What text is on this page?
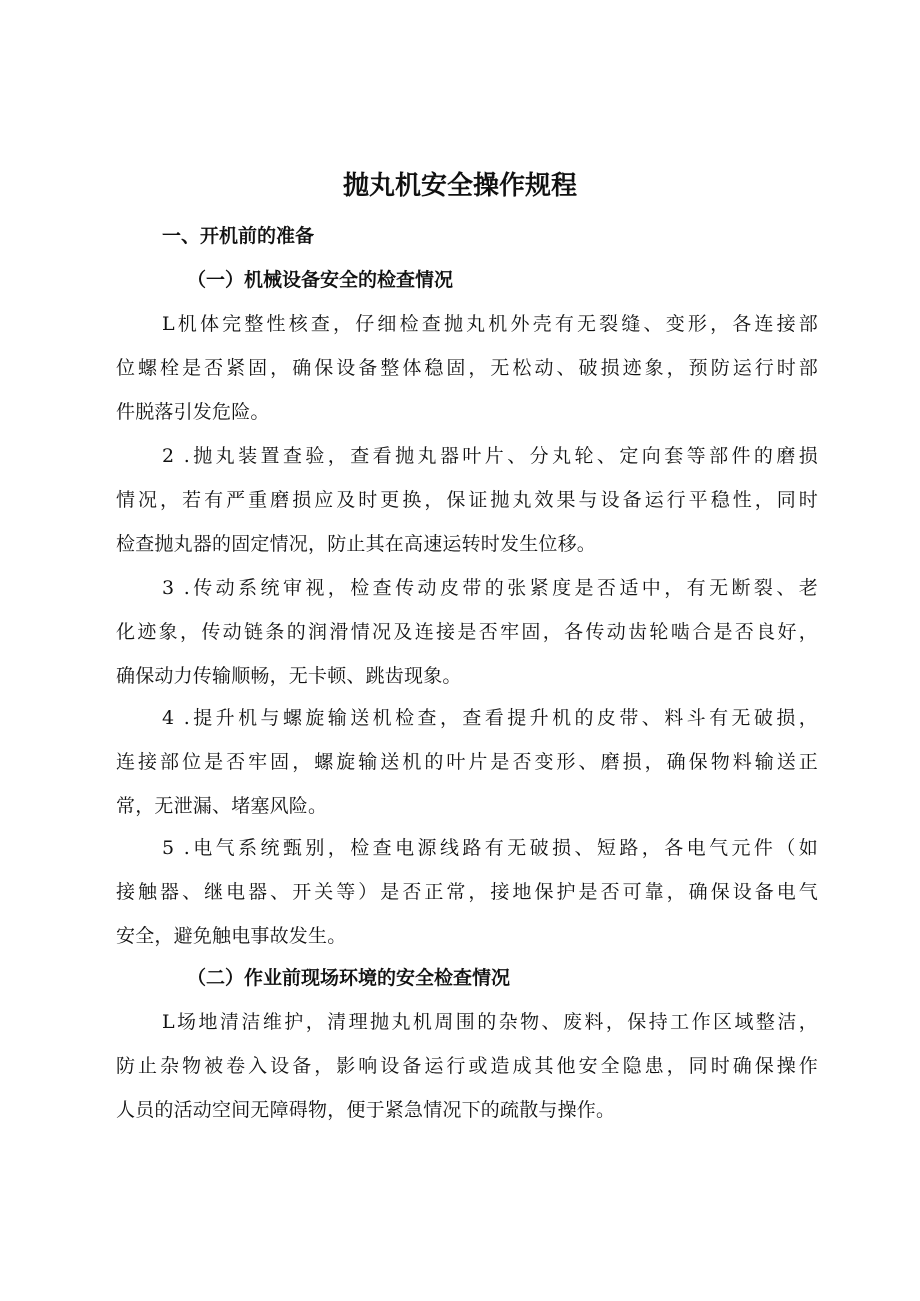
抛丸机安全操作规程
一、开机前的准备
（一）机械设备安全的检查情况
L机体完整性核查，仔细检查抛丸机外壳有无裂缝、变形，各连接部
位螺栓是否紧固，确保设备整体稳固，无松动、破损迹象，预防运行时部
件脱落引发危险。
2 .抛丸装置查验，查看抛丸器叶片、分丸轮、定向套等部件的磨损
情况，若有严重磨损应及时更换，保证抛丸效果与设备运行平稳性，同时
检查抛丸器的固定情况，防止其在高速运转时发生位移。
3 .传动系统审视，检查传动皮带的张紧度是否适中，有无断裂、老
化迹象，传动链条的润滑情况及连接是否牢固，各传动齿轮啮合是否良好，
确保动力传输顺畅，无卡顿、跳齿现象。
4 .提升机与螺旋输送机检查，查看提升机的皮带、料斗有无破损，
连接部位是否牢固，螺旋输送机的叶片是否变形、磨损，确保物料输送正
常，无泄漏、堵塞风险。
5 .电气系统甄别，检查电源线路有无破损、短路，各电气元件（如
接触器、继电器、开关等）是否正常，接地保护是否可靠，确保设备电气
安全，避免触电事故发生。
（二）作业前现场环境的安全检查情况
L场地清洁维护，清理抛丸机周围的杂物、废料，保持工作区域整洁，
防止杂物被卷入设备，影响设备运行或造成其他安全隐患，同时确保操作
人员的活动空间无障碍物，便于紧急情况下的疏散与操作。
